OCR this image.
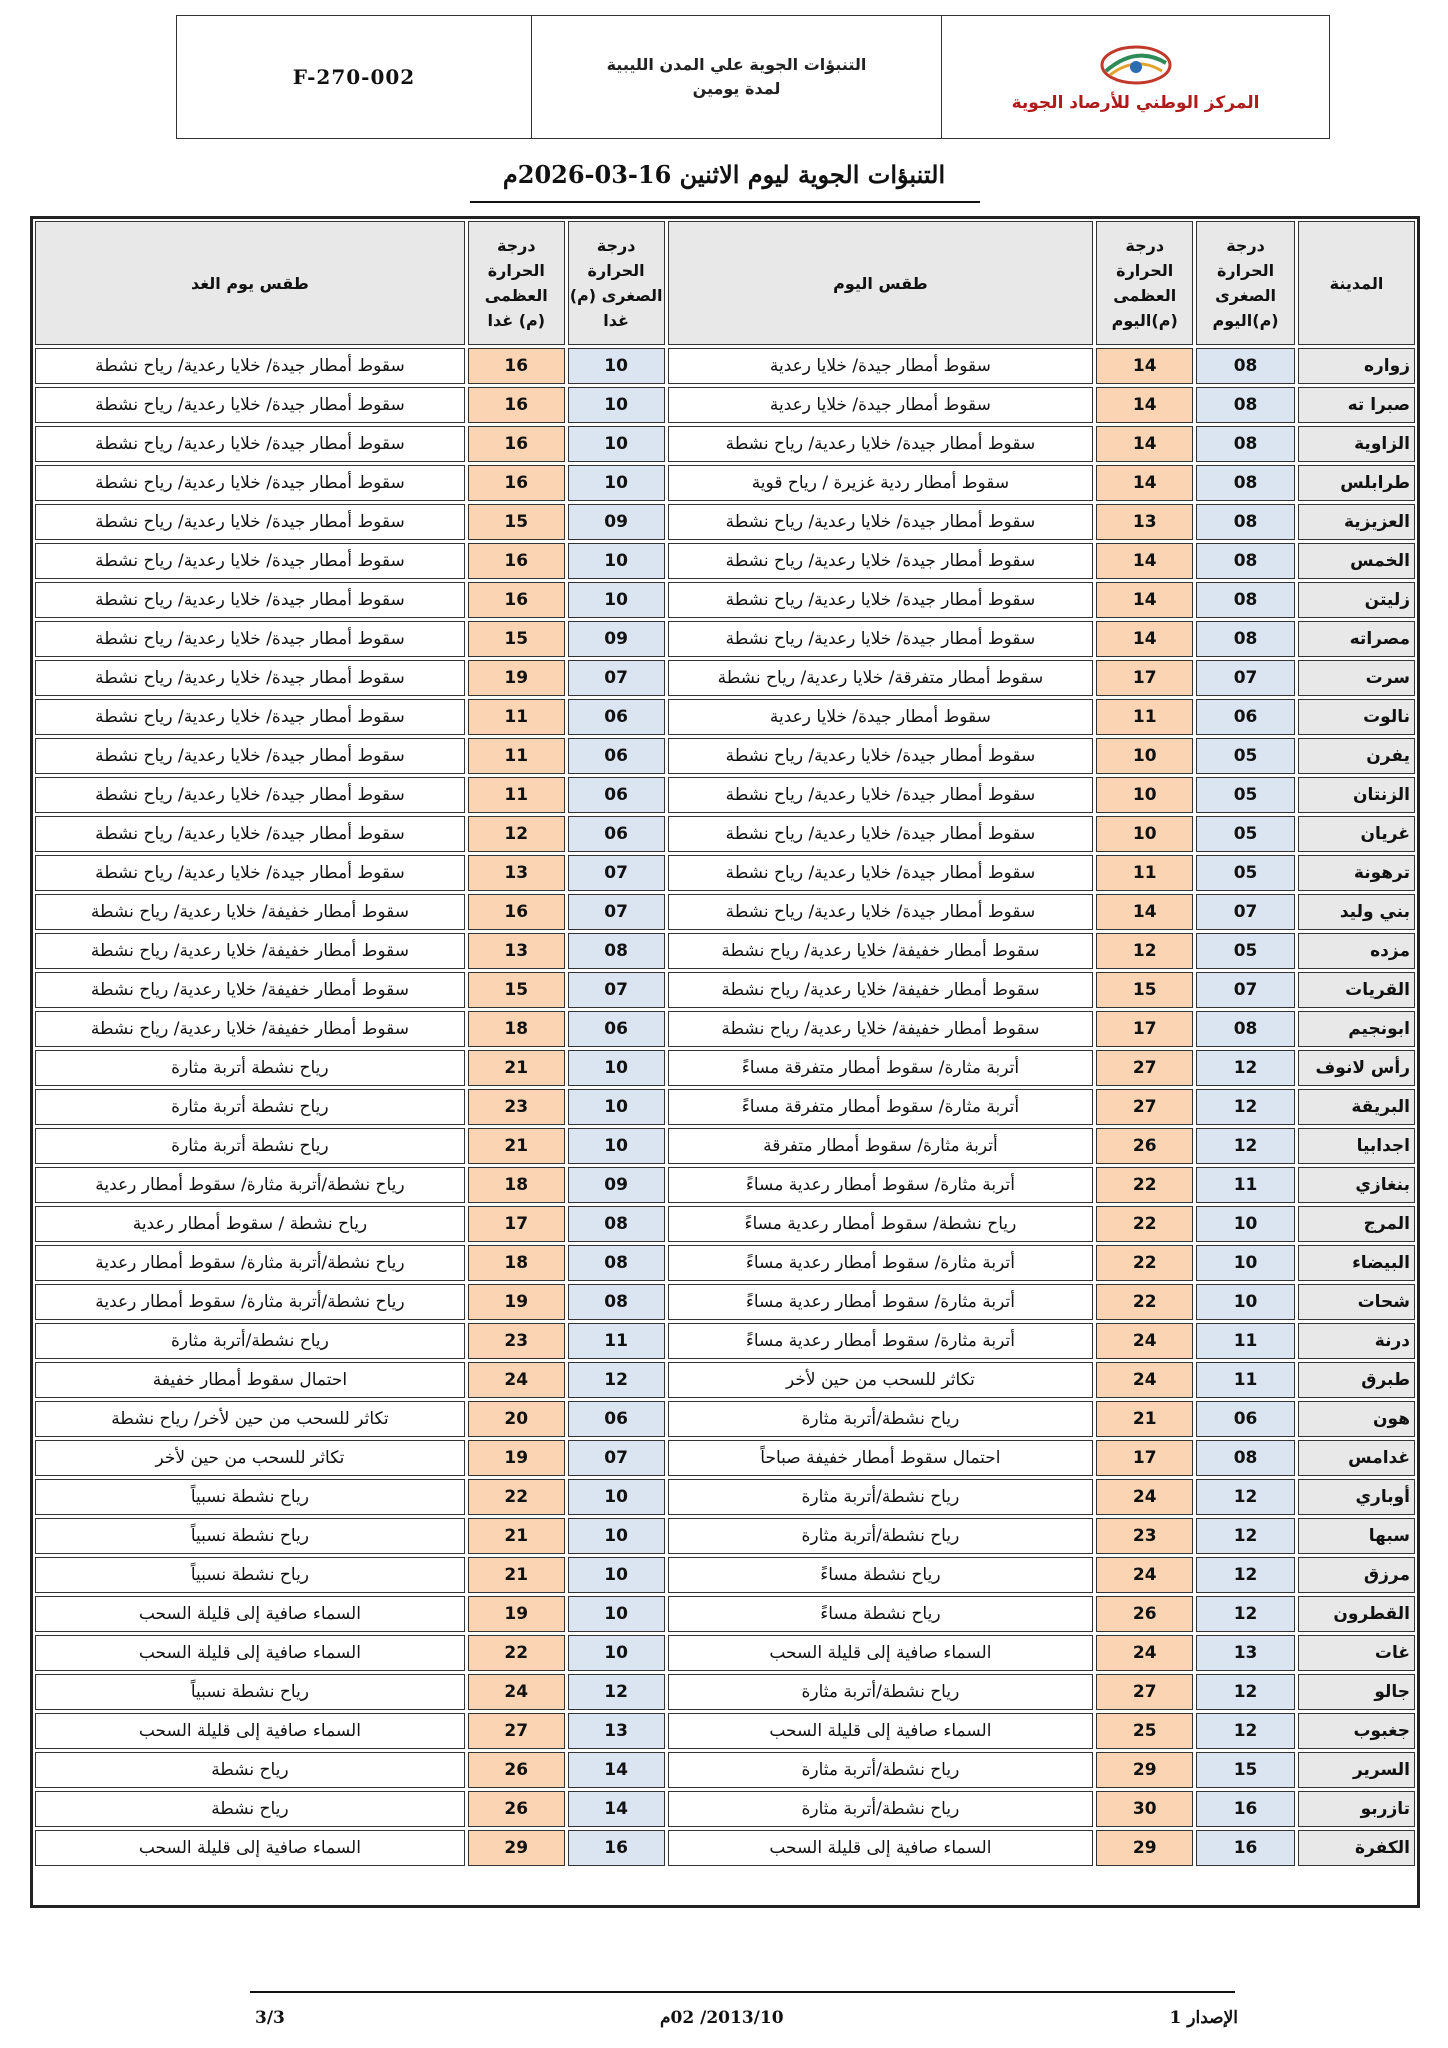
F-270-002
التنبؤات الجوية علي المدن الليبية
لمدة يومين
المركز الوطني للأرصاد الجوية
التنبؤات الجوية ليوم الاثنين 16-03-2026م
المدينة	درجة الحرارة الصغرى (م)اليوم	درجة الحرارة العظمى (م)اليوم	طقس اليوم	درجة الحرارة الصغرى (م) غدا	درجة الحرارة العظمى (م) غدا	طقس يوم الغد
زواره	08	14	سقوط أمطار جيدة/ خلايا رعدية	10	16	سقوط أمطار جيدة/ خلايا رعدية/ رياح نشطة
صبرا ته	08	14	سقوط أمطار جيدة/ خلايا رعدية	10	16	سقوط أمطار جيدة/ خلايا رعدية/ رياح نشطة
الزاوية	08	14	سقوط أمطار جيدة/ خلايا رعدية/ رياح نشطة	10	16	سقوط أمطار جيدة/ خلايا رعدية/ رياح نشطة
طرابلس	08	14	سقوط أمطار ردية غزيرة / رياح قوية	10	16	سقوط أمطار جيدة/ خلايا رعدية/ رياح نشطة
العزيزية	08	13	سقوط أمطار جيدة/ خلايا رعدية/ رياح نشطة	09	15	سقوط أمطار جيدة/ خلايا رعدية/ رياح نشطة
الخمس	08	14	سقوط أمطار جيدة/ خلايا رعدية/ رياح نشطة	10	16	سقوط أمطار جيدة/ خلايا رعدية/ رياح نشطة
زليتن	08	14	سقوط أمطار جيدة/ خلايا رعدية/ رياح نشطة	10	16	سقوط أمطار جيدة/ خلايا رعدية/ رياح نشطة
مصراته	08	14	سقوط أمطار جيدة/ خلايا رعدية/ رياح نشطة	09	15	سقوط أمطار جيدة/ خلايا رعدية/ رياح نشطة
سرت	07	17	سقوط أمطار متفرقة/ خلايا رعدية/ رياح نشطة	07	19	سقوط أمطار جيدة/ خلايا رعدية/ رياح نشطة
نالوت	06	11	سقوط أمطار جيدة/ خلايا رعدية	06	11	سقوط أمطار جيدة/ خلايا رعدية/ رياح نشطة
يفرن	05	10	سقوط أمطار جيدة/ خلايا رعدية/ رياح نشطة	06	11	سقوط أمطار جيدة/ خلايا رعدية/ رياح نشطة
الزنتان	05	10	سقوط أمطار جيدة/ خلايا رعدية/ رياح نشطة	06	11	سقوط أمطار جيدة/ خلايا رعدية/ رياح نشطة
غريان	05	10	سقوط أمطار جيدة/ خلايا رعدية/ رياح نشطة	06	12	سقوط أمطار جيدة/ خلايا رعدية/ رياح نشطة
ترهونة	05	11	سقوط أمطار جيدة/ خلايا رعدية/ رياح نشطة	07	13	سقوط أمطار جيدة/ خلايا رعدية/ رياح نشطة
بني وليد	07	14	سقوط أمطار جيدة/ خلايا رعدية/ رياح نشطة	07	16	سقوط أمطار خفيفة/ خلايا رعدية/ رياح نشطة
مزده	05	12	سقوط أمطار خفيفة/ خلايا رعدية/ رياح نشطة	08	13	سقوط أمطار خفيفة/ خلايا رعدية/ رياح نشطة
القريات	07	15	سقوط أمطار خفيفة/ خلايا رعدية/ رياح نشطة	07	15	سقوط أمطار خفيفة/ خلايا رعدية/ رياح نشطة
ابونجيم	08	17	سقوط أمطار خفيفة/ خلايا رعدية/ رياح نشطة	06	18	سقوط أمطار خفيفة/ خلايا رعدية/ رياح نشطة
رأس لانوف	12	27	أتربة مثارة/ سقوط أمطار متفرقة مساءً	10	21	رياح نشطة أتربة مثارة
البريقة	12	27	أتربة مثارة/ سقوط أمطار متفرقة مساءً	10	23	رياح نشطة أتربة مثارة
اجدابيا	12	26	أتربة مثارة/ سقوط أمطار متفرقة	10	21	رياح نشطة أتربة مثارة
بنغازي	11	22	أتربة مثارة/ سقوط أمطار رعدية مساءً	09	18	رياح نشطة/أتربة مثارة/ سقوط أمطار رعدية
المرج	10	22	رياح نشطة/ سقوط أمطار رعدية مساءً	08	17	رياح نشطة / سقوط أمطار رعدية
البيضاء	10	22	أتربة مثارة/ سقوط أمطار رعدية مساءً	08	18	رياح نشطة/أتربة مثارة/ سقوط أمطار رعدية
شحات	10	22	أتربة مثارة/ سقوط أمطار رعدية مساءً	08	19	رياح نشطة/أتربة مثارة/ سقوط أمطار رعدية
درنة	11	24	أتربة مثارة/ سقوط أمطار رعدية مساءً	11	23	رياح نشطة/أتربة مثارة
طبرق	11	24	تكاثر للسحب من حين لأخر	12	24	احتمال سقوط أمطار خفيفة
هون	06	21	رياح نشطة/أتربة مثارة	06	20	تكاثر للسحب من حين لأخر/ رياح نشطة
غدامس	08	17	احتمال سقوط أمطار خفيفة صباحاً	07	19	تكاثر للسحب من حين لأخر
أوباري	12	24	رياح نشطة/أتربة مثارة	10	22	رياح نشطة نسبياً
سبها	12	23	رياح نشطة/أتربة مثارة	10	21	رياح نشطة نسبياً
مرزق	12	24	رياح نشطة مساءً	10	21	رياح نشطة نسبياً
القطرون	12	26	رياح نشطة مساءً	10	19	السماء صافية إلى قليلة السحب
غات	13	24	السماء صافية إلى قليلة السحب	10	22	السماء صافية إلى قليلة السحب
جالو	12	27	رياح نشطة/أتربة مثارة	12	24	رياح نشطة نسبياً
جغبوب	12	25	السماء صافية إلى قليلة السحب	13	27	السماء صافية إلى قليلة السحب
السرير	15	29	رياح نشطة/أتربة مثارة	14	26	رياح نشطة
تازربو	16	30	رياح نشطة/أتربة مثارة	14	26	رياح نشطة
الكفرة	16	29	السماء صافية إلى قليلة السحب	16	29	السماء صافية إلى قليلة السحب
الإصدار 1
2013/10/ 02م
3/3
